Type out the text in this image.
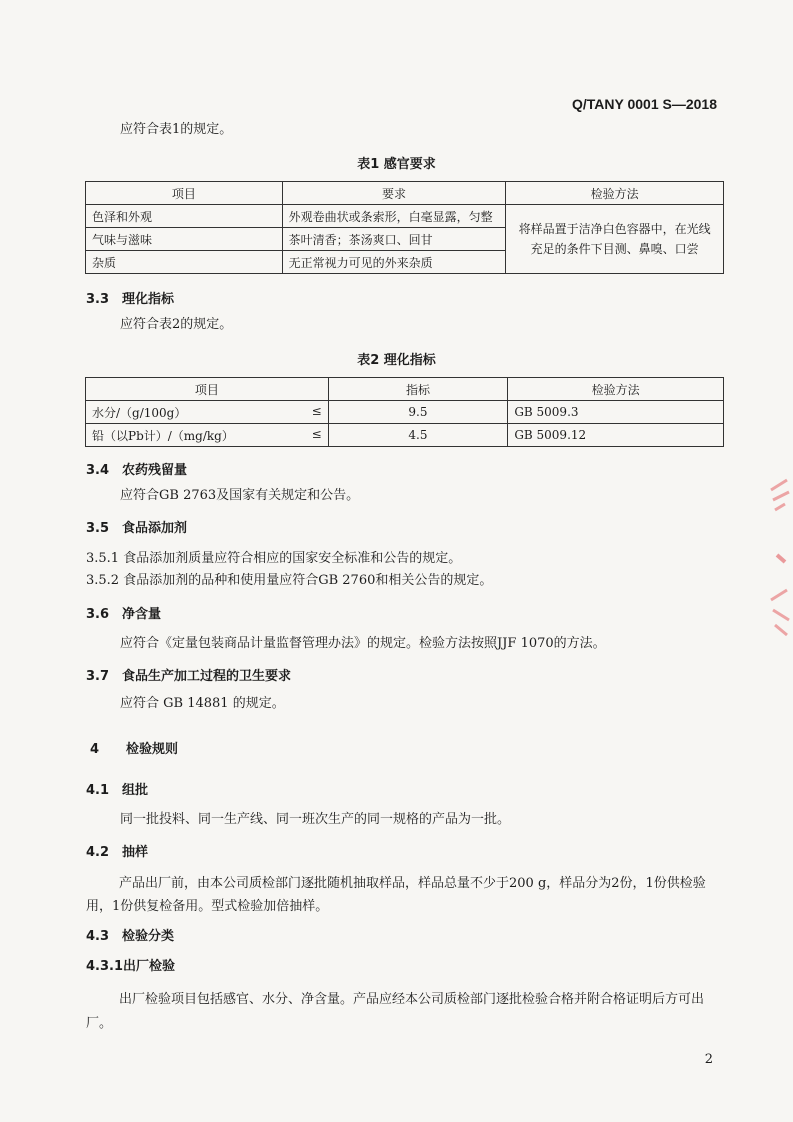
Q/TANY 0001 S—2018
应符合表1的规定。
表1 感官要求
项目	要求	检验方法
色泽和外观	外观卷曲状或条索形，白毫显露，匀整	将样品置于洁净白色容器中，在光线充足的条件下目测、鼻嗅、口尝
气味与滋味	茶叶清香；茶汤爽口、回甘	
杂质	无正常视力可见的外来杂质	
3.3 理化指标
应符合表2的规定。
表2 理化指标
项目	指标	检验方法
水分/（g/100g） ≤	9.5	GB 5009.3
铅（以Pb计）/（mg/kg） ≤	4.5	GB 5009.12
3.4 农药残留量
应符合GB 2763及国家有关规定和公告。
3.5 食品添加剂
3.5.1 食品添加剂质量应符合相应的国家安全标准和公告的规定。
3.5.2 食品添加剂的品种和使用量应符合GB 2760和相关公告的规定。
3.6 净含量
应符合《定量包装商品计量监督管理办法》的规定。检验方法按照JJF 1070的方法。
3.7 食品生产加工过程的卫生要求
应符合 GB 14881 的规定。
4 检验规则
4.1 组批
同一批投料、同一生产线、同一班次生产的同一规格的产品为一批。
4.2 抽样
产品出厂前，由本公司质检部门逐批随机抽取样品，样品总量不少于200 g，样品分为2份，1份供检验用，1份供复检备用。型式检验加倍抽样。
4.3 检验分类
4.3.1出厂检验
出厂检验项目包括感官、水分、净含量。产品应经本公司质检部门逐批检验合格并附合格证明后方可出厂。
2
